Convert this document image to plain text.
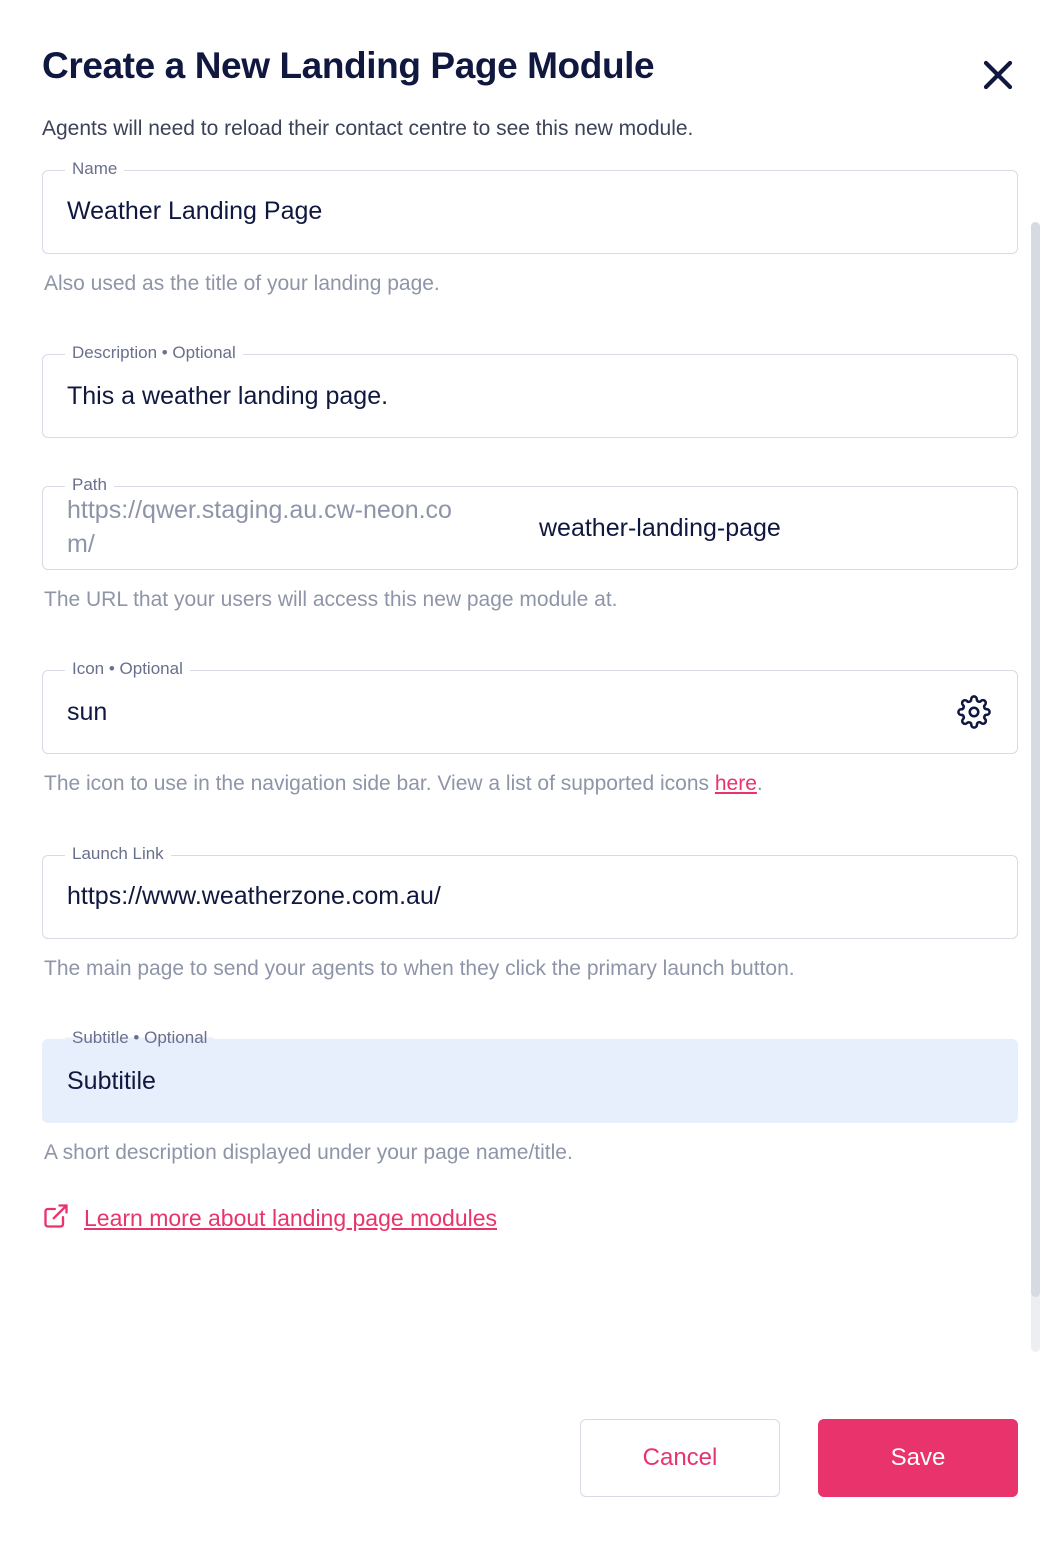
Create a New Landing Page Module

Agents will need to reload their contact centre to see this new module.

Name
Weather Landing Page
Also used as the title of your landing page.
Description • Optional
This a weather landing page.
Path
https://qwer.staging.au.cw-neon.com/
weather-landing-page
The URL that your users will access this new page module at.
Icon • Optional
sun
The icon to use in the navigation side bar. View a list of supported icons here.
Launch Link
https://www.weatherzone.com.au/
The main page to send your agents to when they click the primary launch button.
Subtitle • Optional
Subtitile
A short description displayed under your page name/title.
Learn more about landing page modules
Cancel	Save
